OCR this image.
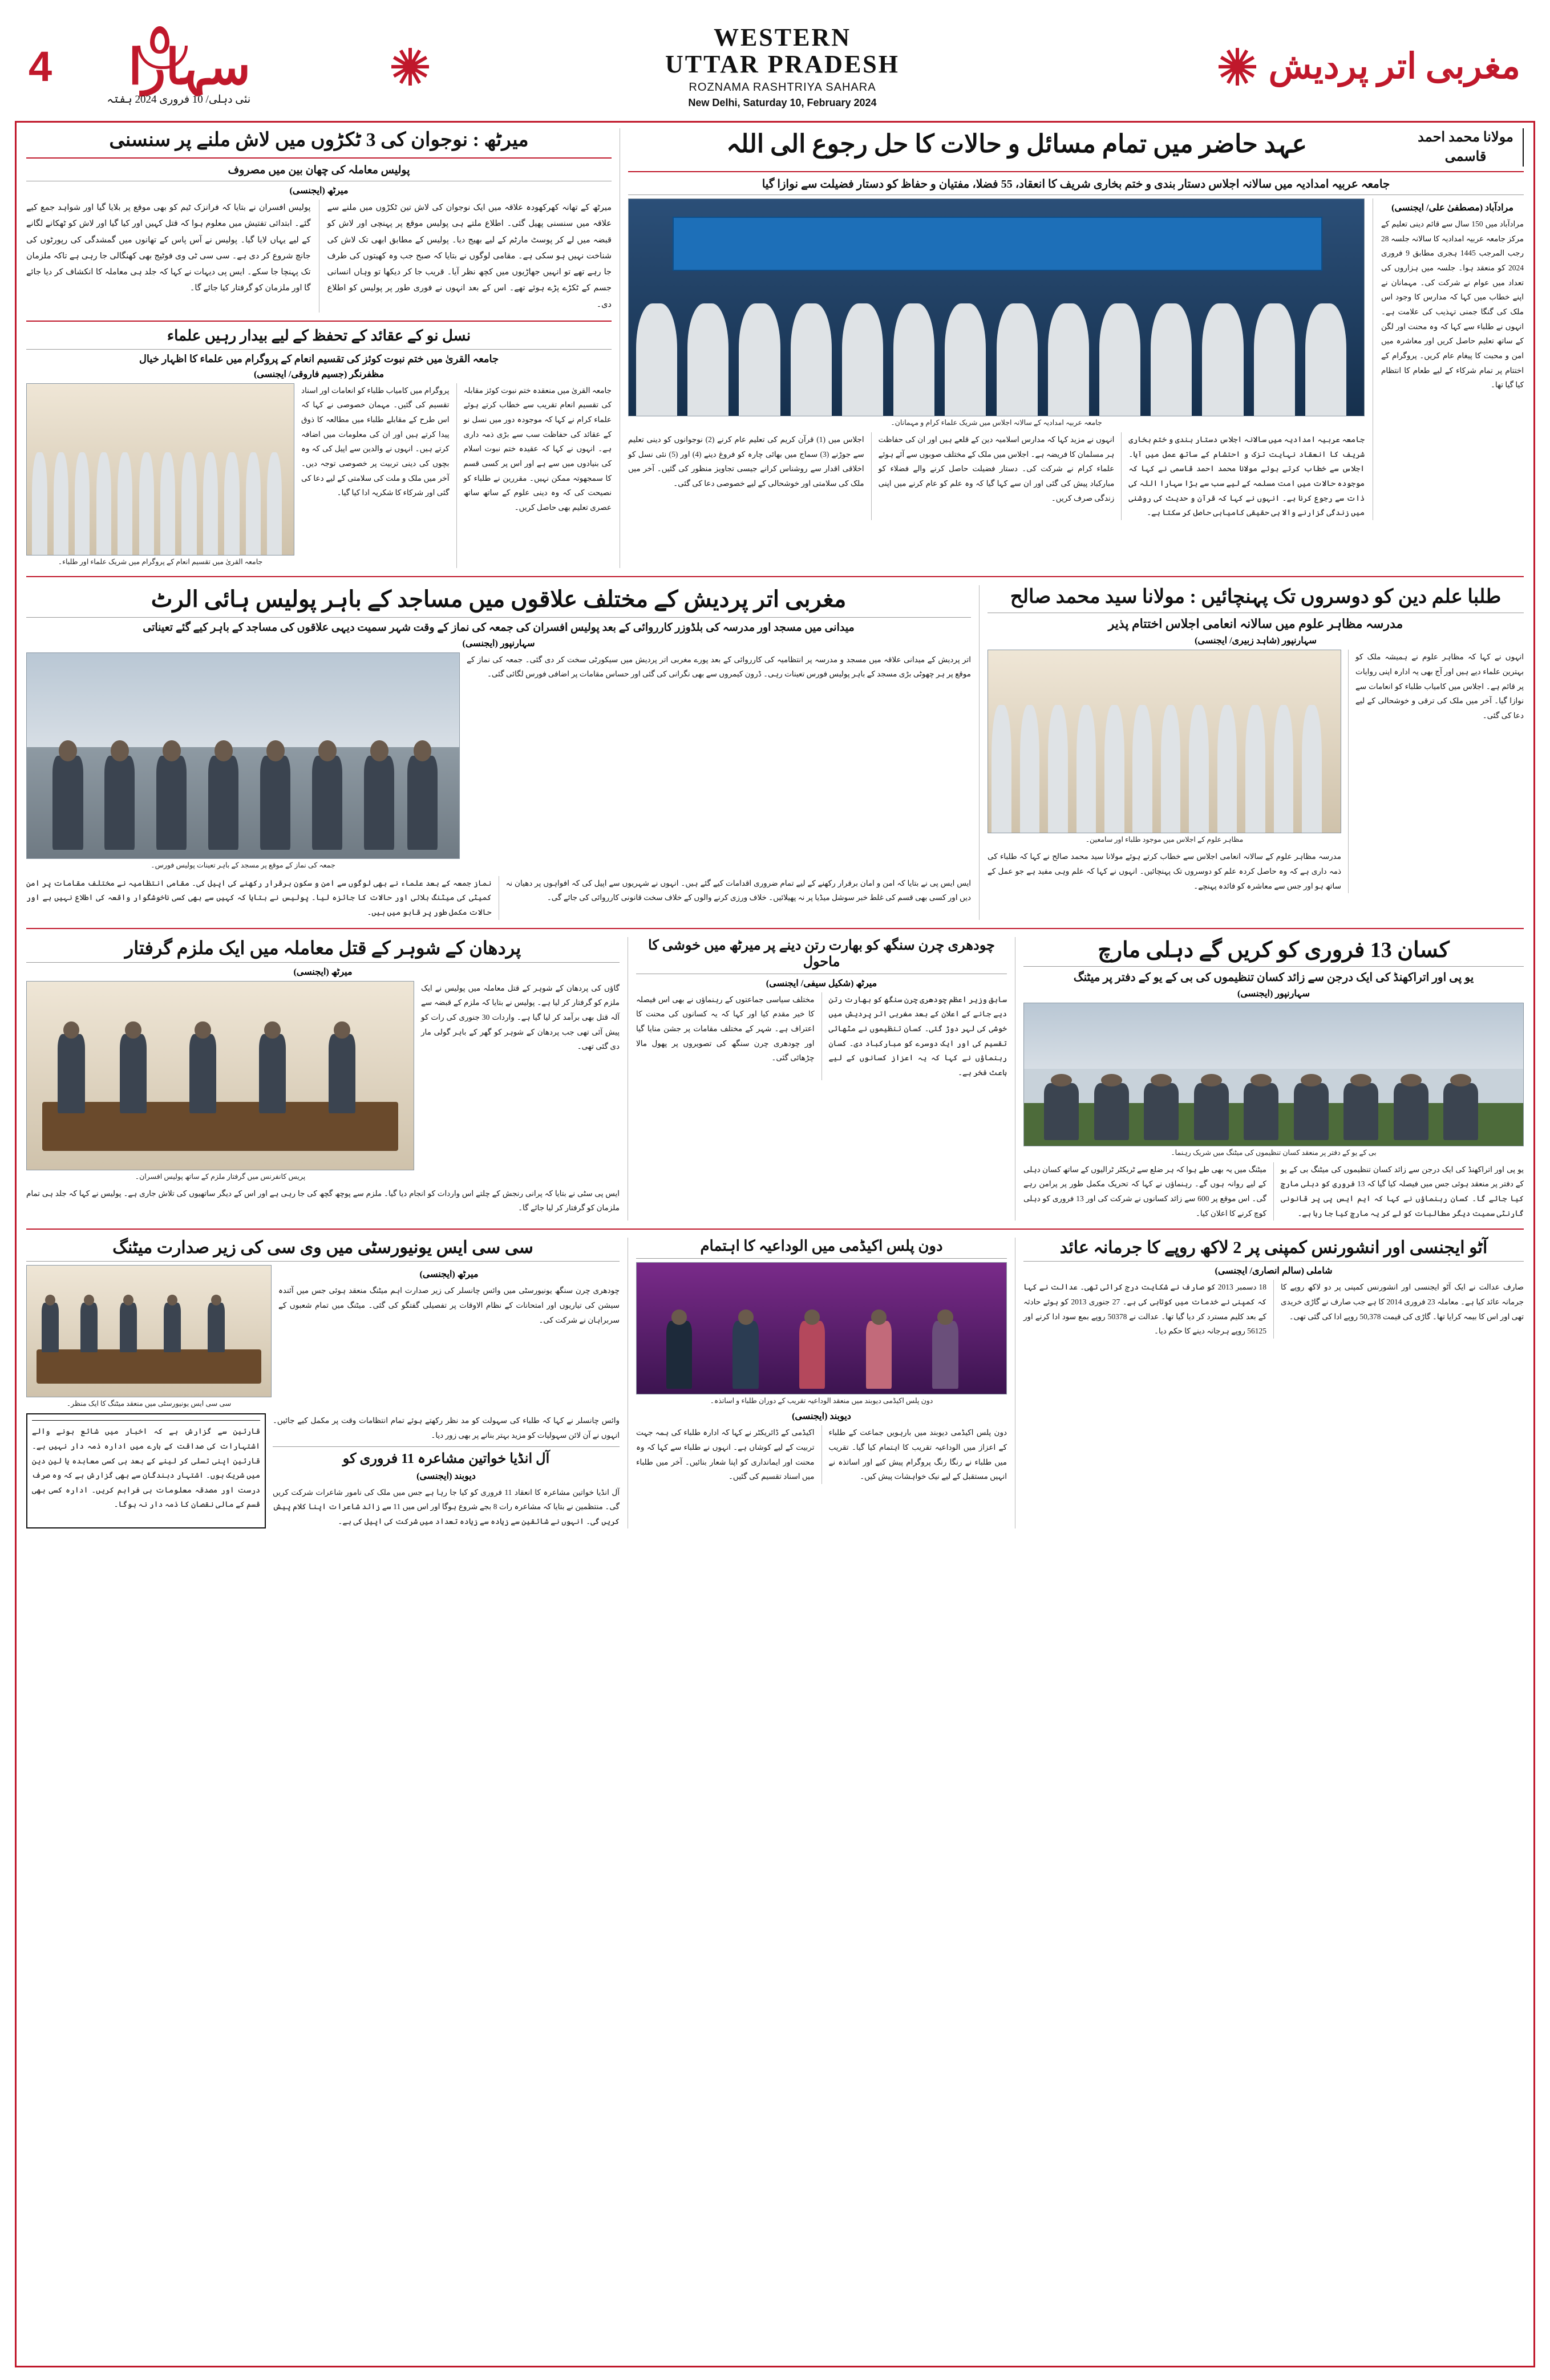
4 سہارا
نئی دہلی/ 10 فروری 2024 ہفتہ
WESTERN
UTTAR PRADESH
ROZNAMA RASHTRIYA SAHARA
New Delhi, Saturday 10, February 2024
مغربی اتر پردیش
میرٹھ : نوجوان کی 3 ٹکڑوں میں لاش ملنے پر سنسنی
پولیس معاملہ کی چھان بین میں مصروف
میرٹھ (ایجنسی)
پولیس افسران نے بتایا کہ فرانزک ٹیم کو بھی موقع پر بلایا گیا اور شواہد جمع کیے گئے۔ ابتدائی تفتیش میں معلوم ہوا کہ قتل کہیں اور کیا گیا اور لاش کو ٹھکانے لگانے کے لیے یہاں لایا گیا۔ پولیس نے آس پاس کے تھانوں میں گمشدگی کی رپورٹوں کی جانچ شروع کر دی ہے۔ سی سی ٹی وی فوٹیج بھی کھنگالی جا رہی ہے تاکہ ملزمان تک پہنچا جا سکے۔ ایس پی دیہات نے کہا کہ جلد ہی معاملہ کا انکشاف کر دیا جائے گا اور ملزمان کو گرفتار کیا جائے گا۔
میرٹھ کے تھانہ کھرکھودہ علاقہ میں ایک نوجوان کی لاش تین ٹکڑوں میں ملنے سے علاقہ میں سنسنی پھیل گئی۔ اطلاع ملتے ہی پولیس موقع پر پہنچی اور لاش کو قبضہ میں لے کر پوسٹ مارٹم کے لیے بھیج دیا۔ پولیس کے مطابق ابھی تک لاش کی شناخت نہیں ہو سکی ہے۔ مقامی لوگوں نے بتایا کہ صبح جب وہ کھیتوں کی طرف جا رہے تھے تو انہیں جھاڑیوں میں کچھ نظر آیا۔ قریب جا کر دیکھا تو وہاں انسانی جسم کے ٹکڑے پڑے ہوئے تھے۔ اس کے بعد انہوں نے فوری طور پر پولیس کو اطلاع دی۔
نسل نو کے عقائد کے تحفظ کے لیے بیدار رہیں علماء
جامعہ القریٰ میں ختم نبوت کوئز کی تقسیم انعام کے پروگرام میں علماء کا اظہار خیال
مظفرنگر (جسیم فاروقی/ ایجنسی)
جامعہ القریٰ میں تقسیم انعام کے پروگرام میں شریک علماء اور طلباء۔
پروگرام میں کامیاب طلباء کو انعامات اور اسناد تقسیم کی گئیں۔ مہمان خصوصی نے کہا کہ اس طرح کے مقابلے طلباء میں مطالعہ کا ذوق پیدا کرتے ہیں اور ان کی معلومات میں اضافہ کرتے ہیں۔ انہوں نے والدین سے اپیل کی کہ وہ بچوں کی دینی تربیت پر خصوصی توجہ دیں۔ آخر میں ملک و ملت کی سلامتی کے لیے دعا کی گئی اور شرکاء کا شکریہ ادا کیا گیا۔
جامعہ القریٰ میں منعقدہ ختم نبوت کوئز مقابلہ کی تقسیم انعام تقریب سے خطاب کرتے ہوئے علماء کرام نے کہا کہ موجودہ دور میں نسل نو کے عقائد کی حفاظت سب سے بڑی ذمہ داری ہے۔ انہوں نے کہا کہ عقیدہ ختم نبوت اسلام کی بنیادوں میں سے ہے اور اس پر کسی قسم کا سمجھوتہ ممکن نہیں۔ مقررین نے طلباء کو نصیحت کی کہ وہ دینی علوم کے ساتھ ساتھ عصری تعلیم بھی حاصل کریں۔
عہد حاضر میں تمام مسائل و حالات کا حل رجوع الی اللہ	مولانا محمد احمد قاسمی
جامعہ عربیہ امدادیہ میں سالانہ اجلاس دستار بندی و ختم بخاری شریف کا انعقاد، 55 فضلا، مفتیان و حفاظ کو دستار فضیلت سے نوازا گیا
جامعہ عربیہ امدادیہ کے سالانہ اجلاس میں شریک علماء کرام و مہمانان۔
اجلاس میں (1) قرآن کریم کی تعلیم عام کرنے (2) نوجوانوں کو دینی تعلیم سے جوڑنے (3) سماج میں بھائی چارہ کو فروغ دینے (4) اور (5) نئی نسل کو اخلاقی اقدار سے روشناس کرانے جیسی تجاویز منظور کی گئیں۔ آخر میں ملک کی سلامتی اور خوشحالی کے لیے خصوصی دعا کی گئی۔
انہوں نے مزید کہا کہ مدارس اسلامیہ دین کے قلعے ہیں اور ان کی حفاظت ہر مسلمان کا فریضہ ہے۔ اجلاس میں ملک کے مختلف صوبوں سے آئے ہوئے علماء کرام نے شرکت کی۔ دستار فضیلت حاصل کرنے والے فضلاء کو مبارکباد پیش کی گئی اور ان سے کہا گیا کہ وہ علم کو عام کرنے میں اپنی زندگی صرف کریں۔
جامعہ عربیہ امدادیہ میں سالانہ اجلاس دستار بندی و ختم بخاری شریف کا انعقاد نہایت تزک و احتشام کے ساتھ عمل میں آیا۔ اجلاس سے خطاب کرتے ہوئے مولانا محمد احمد قاسمی نے کہا کہ موجودہ حالات میں امت مسلمہ کے لیے سب سے بڑا سہارا اللہ کی ذات سے رجوع کرنا ہے۔ انہوں نے کہا کہ قرآن و حدیث کی روشنی میں زندگی گزارنے والا ہی حقیقی کامیابی حاصل کر سکتا ہے۔
مرادآباد (مصطفیٰ علی/ ایجنسی)
مرادآباد میں 150 سال سے قائم دینی تعلیم کے مرکز جامعہ عربیہ امدادیہ کا سالانہ جلسہ 28 رجب المرجب 1445 ہجری مطابق 9 فروری 2024 کو منعقد ہوا۔ جلسہ میں ہزاروں کی تعداد میں عوام نے شرکت کی۔ مہمانان نے اپنے خطاب میں کہا کہ مدارس کا وجود اس ملک کی گنگا جمنی تہذیب کی علامت ہے۔ انہوں نے طلباء سے کہا کہ وہ محنت اور لگن کے ساتھ تعلیم حاصل کریں اور معاشرہ میں امن و محبت کا پیغام عام کریں۔ پروگرام کے اختتام پر تمام شرکاء کے لیے طعام کا انتظام کیا گیا تھا۔
مغربی اتر پردیش کے مختلف علاقوں میں مساجد کے باہر پولیس ہائی الرٹ
میدانی میں مسجد اور مدرسہ کی بلڈوزر کارروائی کے بعد پولیس افسران کی جمعہ کی نماز کے وقت شہر سمیت دیہی علاقوں کی مساجد کے باہر کیے گئے تعیناتی
سہارنپور (ایجنسی)
جمعہ کی نماز کے موقع پر مسجد کے باہر تعینات پولیس فورس۔
اتر پردیش کے میدانی علاقہ میں مسجد و مدرسہ پر انتظامیہ کی کارروائی کے بعد پورے مغربی اتر پردیش میں سیکورٹی سخت کر دی گئی۔ جمعہ کی نماز کے موقع پر ہر چھوٹی بڑی مسجد کے باہر پولیس فورس تعینات رہی۔ ڈرون کیمروں سے بھی نگرانی کی گئی اور حساس مقامات پر اضافی فورس لگائی گئی۔
نماز جمعہ کے بعد علماء نے بھی لوگوں سے امن و سکون برقرار رکھنے کی اپیل کی۔ مقامی انتظامیہ نے مختلف مقامات پر امن کمیٹی کی میٹنگ بلائی اور حالات کا جائزہ لیا۔ پولیس نے بتایا کہ کہیں سے بھی کسی ناخوشگوار واقعہ کی اطلاع نہیں ہے اور حالات مکمل طور پر قابو میں ہیں۔
ایس ایس پی نے بتایا کہ امن و امان برقرار رکھنے کے لیے تمام ضروری اقدامات کیے گئے ہیں۔ انہوں نے شہریوں سے اپیل کی کہ افواہوں پر دھیان نہ دیں اور کسی بھی قسم کی غلط خبر سوشل میڈیا پر نہ پھیلائیں۔ خلاف ورزی کرنے والوں کے خلاف سخت قانونی کارروائی کی جائے گی۔
طلبا علم دین کو دوسروں تک پہنچائیں : مولانا سید محمد صالح
مدرسہ مظاہر علوم میں سالانہ انعامی اجلاس اختتام پذیر
سہارنپور (شاہد زبیری/ ایجنسی)
مظاہر علوم کے اجلاس میں موجود طلباء اور سامعین۔
مدرسہ مظاہر علوم کے سالانہ انعامی اجلاس سے خطاب کرتے ہوئے مولانا سید محمد صالح نے کہا کہ طلباء کی ذمہ داری ہے کہ وہ حاصل کردہ علم کو دوسروں تک پہنچائیں۔ انہوں نے کہا کہ علم وہی مفید ہے جو عمل کے ساتھ ہو اور جس سے معاشرہ کو فائدہ پہنچے۔
انہوں نے کہا کہ مظاہر علوم نے ہمیشہ ملک کو بہترین علماء دیے ہیں اور آج بھی یہ ادارہ اپنی روایات پر قائم ہے۔ اجلاس میں کامیاب طلباء کو انعامات سے نوازا گیا۔ آخر میں ملک کی ترقی و خوشحالی کے لیے دعا کی گئی۔
پردھان کے شوہر کے قتل معاملہ میں ایک ملزم گرفتار
میرٹھ (ایجنسی)
پریس کانفرنس میں گرفتار ملزم کے ساتھ پولیس افسران۔
گاؤں کی پردھان کے شوہر کے قتل معاملہ میں پولیس نے ایک ملزم کو گرفتار کر لیا ہے۔ پولیس نے بتایا کہ ملزم کے قبضہ سے آلہ قتل بھی برآمد کر لیا گیا ہے۔ واردات 30 جنوری کی رات کو پیش آئی تھی جب پردھان کے شوہر کو گھر کے باہر گولی مار دی گئی تھی۔
ایس پی سٹی نے بتایا کہ پرانی رنجش کے چلتے اس واردات کو انجام دیا گیا۔ ملزم سے پوچھ گچھ کی جا رہی ہے اور اس کے دیگر ساتھیوں کی تلاش جاری ہے۔ پولیس نے کہا کہ جلد ہی تمام ملزمان کو گرفتار کر لیا جائے گا۔
چودھری چرن سنگھ کو بھارت رتن دینے پر میرٹھ میں خوشی کا ماحول
میرٹھ (شکیل سیفی/ ایجنسی)
مختلف سیاسی جماعتوں کے رہنماؤں نے بھی اس فیصلہ کا خیر مقدم کیا اور کہا کہ یہ کسانوں کی محنت کا اعتراف ہے۔ شہر کے مختلف مقامات پر جشن منایا گیا اور چودھری چرن سنگھ کی تصویروں پر پھول مالا چڑھائی گئی۔
سابق وزیر اعظم چودھری چرن سنگھ کو بھارت رتن دیے جانے کے اعلان کے بعد مغربی اتر پردیش میں خوشی کی لہر دوڑ گئی۔ کسان تنظیموں نے مٹھائی تقسیم کی اور ایک دوسرے کو مبارکباد دی۔ کسان رہنماؤں نے کہا کہ یہ اعزاز کسانوں کے لیے باعث فخر ہے۔
کسان 13 فروری کو کریں گے دہلی مارچ
یو پی اور اتراکھنڈ کی ایک درجن سے زائد کسان تنظیموں کی بی کے یو کے دفتر پر میٹنگ
سہارنپور (ایجنسی)
بی کے یو کے دفتر پر منعقد کسان تنظیموں کی میٹنگ میں شریک رہنما۔
میٹنگ میں یہ بھی طے ہوا کہ ہر ضلع سے ٹریکٹر ٹرالیوں کے ساتھ کسان دہلی کے لیے روانہ ہوں گے۔ رہنماؤں نے کہا کہ تحریک مکمل طور پر پرامن رہے گی۔ اس موقع پر 600 سے زائد کسانوں نے شرکت کی اور 13 فروری کو دہلی کوچ کرنے کا اعلان کیا۔
یو پی اور اتراکھنڈ کی ایک درجن سے زائد کسان تنظیموں کی میٹنگ بی کے یو کے دفتر پر منعقد ہوئی جس میں فیصلہ کیا گیا کہ 13 فروری کو دہلی مارچ کیا جائے گا۔ کسان رہنماؤں نے کہا کہ ایم ایس پی پر قانونی گارنٹی سمیت دیگر مطالبات کو لے کر یہ مارچ کیا جا رہا ہے۔
سی سی ایس یونیورسٹی میں وی سی کی زیر صدارت میٹنگ
سی سی ایس یونیورسٹی میں منعقد میٹنگ کا ایک منظر۔
میرٹھ (ایجنسی)
چودھری چرن سنگھ یونیورسٹی میں وائس چانسلر کی زیر صدارت اہم میٹنگ منعقد ہوئی جس میں آئندہ سیشن کی تیاریوں اور امتحانات کے نظام الاوقات پر تفصیلی گفتگو کی گئی۔ میٹنگ میں تمام شعبوں کے سربراہان نے شرکت کی۔
قارئین سے گزارش ہے کہ اخبار میں شائع ہونے والے اشتہارات کی صداقت کے بارے میں ادارہ ذمہ دار نہیں ہے۔ قارئین اپنی تسلی کر لینے کے بعد ہی کسی معاہدہ یا لین دین میں شریک ہوں۔ اشتہار دہندگان سے بھی گزارش ہے کہ وہ صرف درست اور مصدقہ معلومات ہی فراہم کریں۔ ادارہ کسی بھی قسم کے مالی نقصان کا ذمہ دار نہ ہوگا۔
وائس چانسلر نے کہا کہ طلباء کی سہولت کو مد نظر رکھتے ہوئے تمام انتظامات وقت پر مکمل کیے جائیں۔ انہوں نے آن لائن سہولیات کو مزید بہتر بنانے پر بھی زور دیا۔
آل انڈیا خواتین مشاعرہ 11 فروری کو
دیوبند (ایجنسی)
آل انڈیا خواتین مشاعرہ کا انعقاد 11 فروری کو کیا جا رہا ہے جس میں ملک کی نامور شاعرات شرکت کریں گی۔ منتظمین نے بتایا کہ مشاعرہ رات 8 بجے شروع ہوگا اور اس میں 11 سے زائد شاعرات اپنا کلام پیش کریں گی۔ انہوں نے شائقین سے زیادہ سے زیادہ تعداد میں شرکت کی اپیل کی ہے۔
دون پلس اکیڈمی میں الوداعیہ کا اہتمام
دون پلس اکیڈمی دیوبند میں منعقد الوداعیہ تقریب کے دوران طلباء و اساتذہ۔
دیوبند (ایجنسی)
اکیڈمی کے ڈائریکٹر نے کہا کہ ادارہ طلباء کی ہمہ جہت تربیت کے لیے کوشاں ہے۔ انہوں نے طلباء سے کہا کہ وہ محنت اور ایمانداری کو اپنا شعار بنائیں۔ آخر میں طلباء میں اسناد تقسیم کی گئیں۔
دون پلس اکیڈمی دیوبند میں بارہویں جماعت کے طلباء کے اعزاز میں الوداعیہ تقریب کا اہتمام کیا گیا۔ تقریب میں طلباء نے رنگا رنگ پروگرام پیش کیے اور اساتذہ نے انہیں مستقبل کے لیے نیک خواہشات پیش کیں۔
آٹو ایجنسی اور انشورنس کمپنی پر 2 لاکھ روپے کا جرمانہ عائد
شاملی (سالم انصاری/ ایجنسی)
18 دسمبر 2013 کو صارف نے شکایت درج کرائی تھی۔ عدالت نے کہا کہ کمپنی نے خدمات میں کوتاہی کی ہے۔ 27 جنوری 2013 کو ہوئے حادثہ کے بعد کلیم مسترد کر دیا گیا تھا۔ عدالت نے 50378 روپے بمع سود ادا کرنے اور 56125 روپے ہرجانہ دینے کا حکم دیا۔
صارف عدالت نے ایک آٹو ایجنسی اور انشورنس کمپنی پر دو لاکھ روپے کا جرمانہ عائد کیا ہے۔ معاملہ 23 فروری 2014 کا ہے جب صارف نے گاڑی خریدی تھی اور اس کا بیمہ کرایا تھا۔ گاڑی کی قیمت 50,378 روپے ادا کی گئی تھی۔
